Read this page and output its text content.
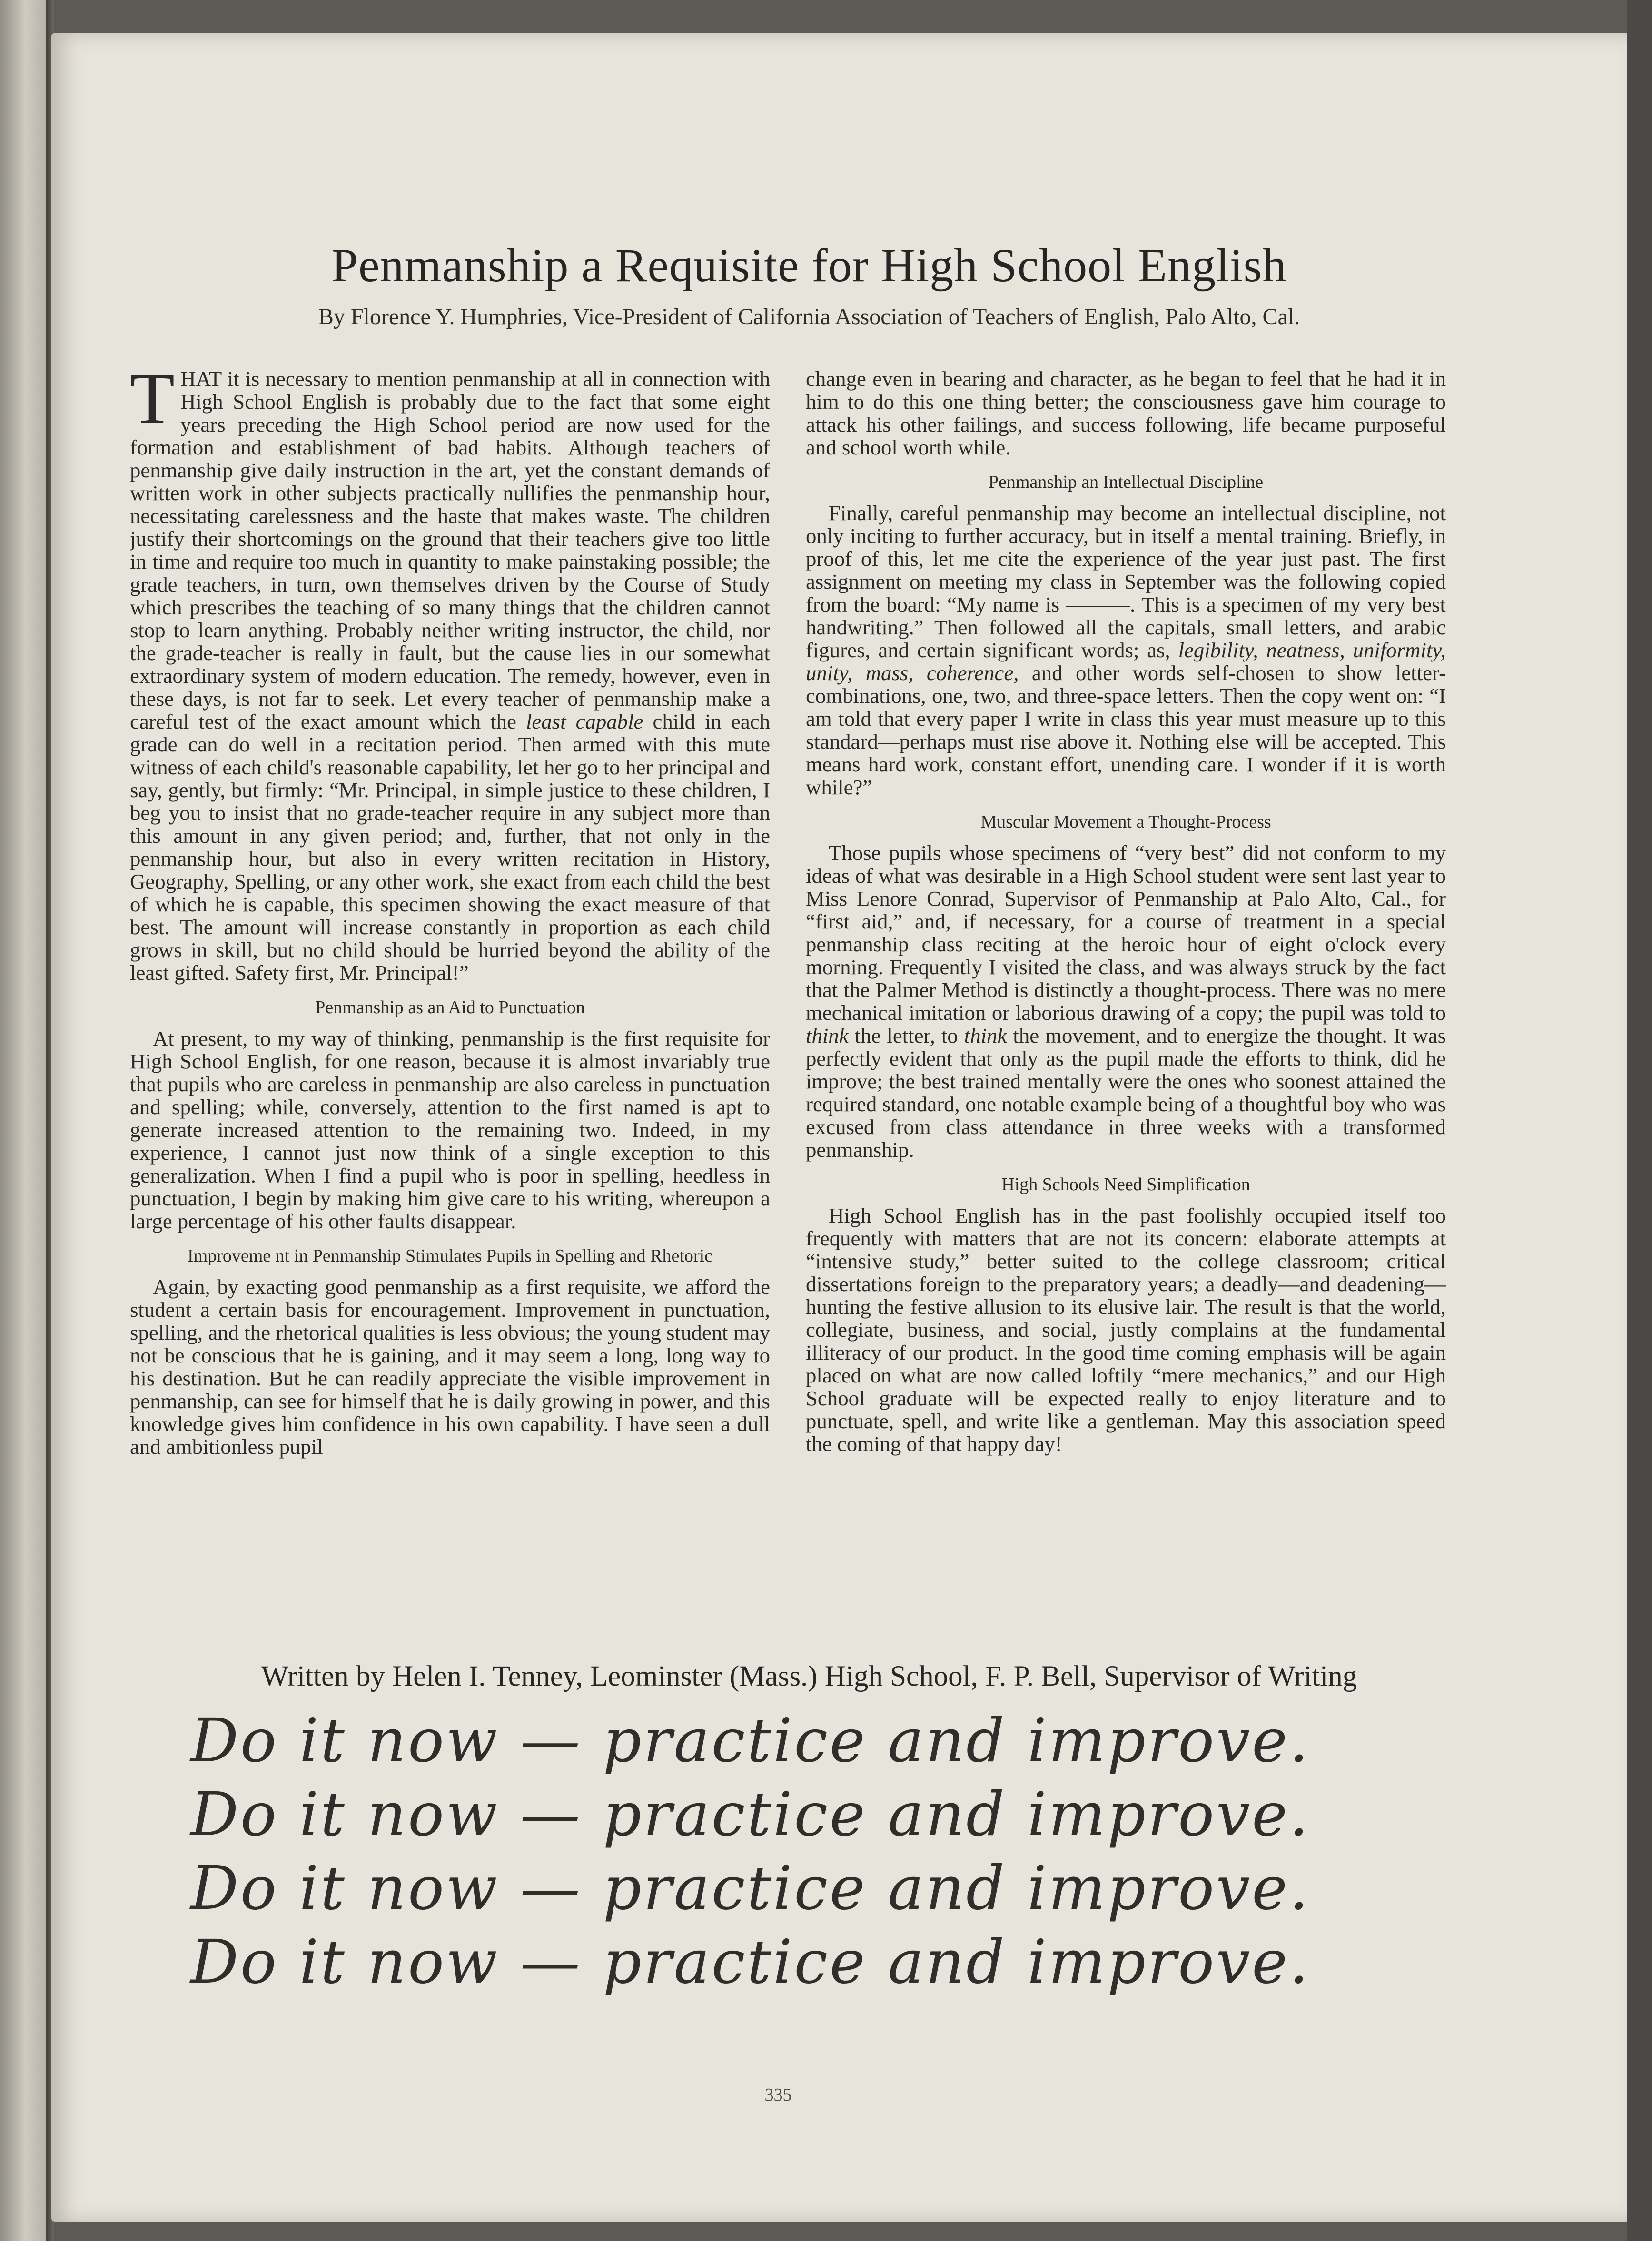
Penmanship a Requisite for High School English

By Florence Y. Humphries, Vice-President of California Association of Teachers of English, Palo Alto, Cal.

THAT it is necessary to mention penmanship at all in connection with High School English is probably due to the fact that some eight years preceding the High School period are now used for the formation and establishment of bad habits. Although teachers of penmanship give daily instruction in the art, yet the constant demands of written work in other subjects practically nullifies the penmanship hour, necessitating carelessness and the haste that makes waste. The children justify their shortcomings on the ground that their teachers give too little in time and require too much in quantity to make painstaking possible; the grade teachers, in turn, own themselves driven by the Course of Study which prescribes the teaching of so many things that the children cannot stop to learn anything. Probably neither writing instructor, the child, nor the grade-teacher is really in fault, but the cause lies in our somewhat extraordinary system of modern education. The remedy, however, even in these days, is not far to seek. Let every teacher of penmanship make a careful test of the exact amount which the least capable child in each grade can do well in a recitation period. Then armed with this mute witness of each child's reasonable capability, let her go to her principal and say, gently, but firmly: “Mr. Principal, in simple justice to these children, I beg you to insist that no grade-teacher require in any subject more than this amount in any given period; and, further, that not only in the penmanship hour, but also in every written recitation in History, Geography, Spelling, or any other work, she exact from each child the best of which he is capable, this specimen showing the exact measure of that best. The amount will increase constantly in proportion as each child grows in skill, but no child should be hurried beyond the ability of the least gifted. Safety first, Mr. Principal!”

Penmanship as an Aid to Punctuation

At present, to my way of thinking, penmanship is the first requisite for High School English, for one reason, because it is almost invariably true that pupils who are careless in penmanship are also careless in punctuation and spelling; while, conversely, attention to the first named is apt to generate increased attention to the remaining two. Indeed, in my experience, I cannot just now think of a single exception to this generalization. When I find a pupil who is poor in spelling, heedless in punctuation, I begin by making him give care to his writing, whereupon a large percentage of his other faults disappear.

Improveme nt in Penmanship Stimulates Pupils in Spelling and Rhetoric

Again, by exacting good penmanship as a first requisite, we afford the student a certain basis for encouragement. Improvement in punctuation, spelling, and the rhetorical qualities is less obvious; the young student may not be conscious that he is gaining, and it may seem a long, long way to his destination. But he can readily appreciate the visible improvement in penmanship, can see for himself that he is daily growing in power, and this knowledge gives him confidence in his own capability. I have seen a dull and ambitionless pupil

change even in bearing and character, as he began to feel that he had it in him to do this one thing better; the consciousness gave him courage to attack his other failings, and success following, life became purposeful and school worth while.

Penmanship an Intellectual Discipline

Finally, careful penmanship may become an intellectual discipline, not only inciting to further accuracy, but in itself a mental training. Briefly, in proof of this, let me cite the experience of the year just past. The first assignment on meeting my class in September was the following copied from the board: “My name is ———. This is a specimen of my very best handwriting.” Then followed all the capitals, small letters, and arabic figures, and certain significant words; as, legibility, neatness, uniformity, unity, mass, coherence, and other words self-chosen to show letter-combinations, one, two, and three-space letters. Then the copy went on: “I am told that every paper I write in class this year must measure up to this standard—perhaps must rise above it. Nothing else will be accepted. This means hard work, constant effort, unending care. I wonder if it is worth while?”

Muscular Movement a Thought-Process

Those pupils whose specimens of “very best” did not conform to my ideas of what was desirable in a High School student were sent last year to Miss Lenore Conrad, Supervisor of Penmanship at Palo Alto, Cal., for “first aid,” and, if necessary, for a course of treatment in a special penmanship class reciting at the heroic hour of eight o'clock every morning. Frequently I visited the class, and was always struck by the fact that the Palmer Method is distinctly a thought-process. There was no mere mechanical imitation or laborious drawing of a copy; the pupil was told to think the letter, to think the movement, and to energize the thought. It was perfectly evident that only as the pupil made the efforts to think, did he improve; the best trained mentally were the ones who soonest attained the required standard, one notable example being of a thoughtful boy who was excused from class attendance in three weeks with a transformed penmanship.

High Schools Need Simplification

High School English has in the past foolishly occupied itself too frequently with matters that are not its concern: elaborate attempts at “intensive study,” better suited to the college classroom; critical dissertations foreign to the preparatory years; a deadly—and deadening—hunting the festive allusion to its elusive lair. The result is that the world, collegiate, business, and social, justly complains at the fundamental illiteracy of our product. In the good time coming emphasis will be again placed on what are now called loftily “mere mechanics,” and our High School graduate will be expected really to enjoy literature and to punctuate, spell, and write like a gentleman. May this association speed the coming of that happy day!

Written by Helen I. Tenney, Leominster (Mass.) High School, F. P. Bell, Supervisor of Writing
Do it now — practice and improve.
Do it now — practice and improve.
Do it now — practice and improve.
Do it now — practice and improve.

335
